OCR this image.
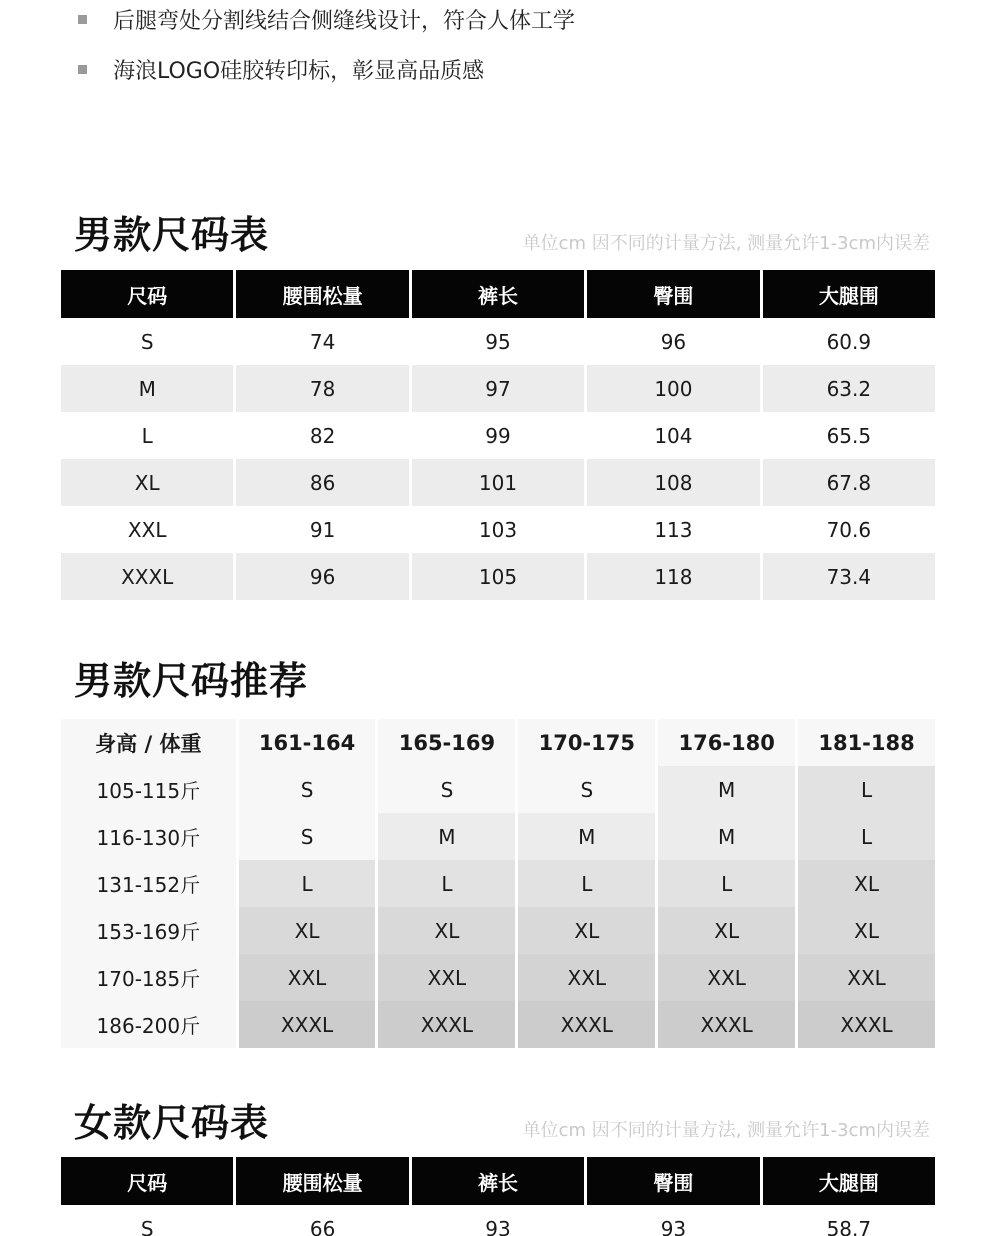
后腿弯处分割线结合侧缝线设计，符合人体工学
海浪LOGO硅胶转印标，彰显高品质感
男款尺码表	单位cm 因不同的计量方法, 测量允许1-3cm内误差
尺码	腰围松量	裤长	臀围	大腿围
S	74	95	96	60.9
M	78	97	100	63.2
L	82	99	104	65.5
XL	86	101	108	67.8
XXL	91	103	113	70.6
XXXL	96	105	118	73.4
男款尺码推荐
身高 / 体重	161-164	165-169	170-175	176-180	181-188
105-115斤	S	S	S	M	L
116-130斤	S	M	M	M	L
131-152斤	L	L	L	L	XL
153-169斤	XL	XL	XL	XL	XL
170-185斤	XXL	XXL	XXL	XXL	XXL
186-200斤	XXXL	XXXL	XXXL	XXXL	XXXL
女款尺码表	单位cm 因不同的计量方法, 测量允许1-3cm内误差
尺码	腰围松量	裤长	臀围	大腿围
S	66	93	93	58.7
